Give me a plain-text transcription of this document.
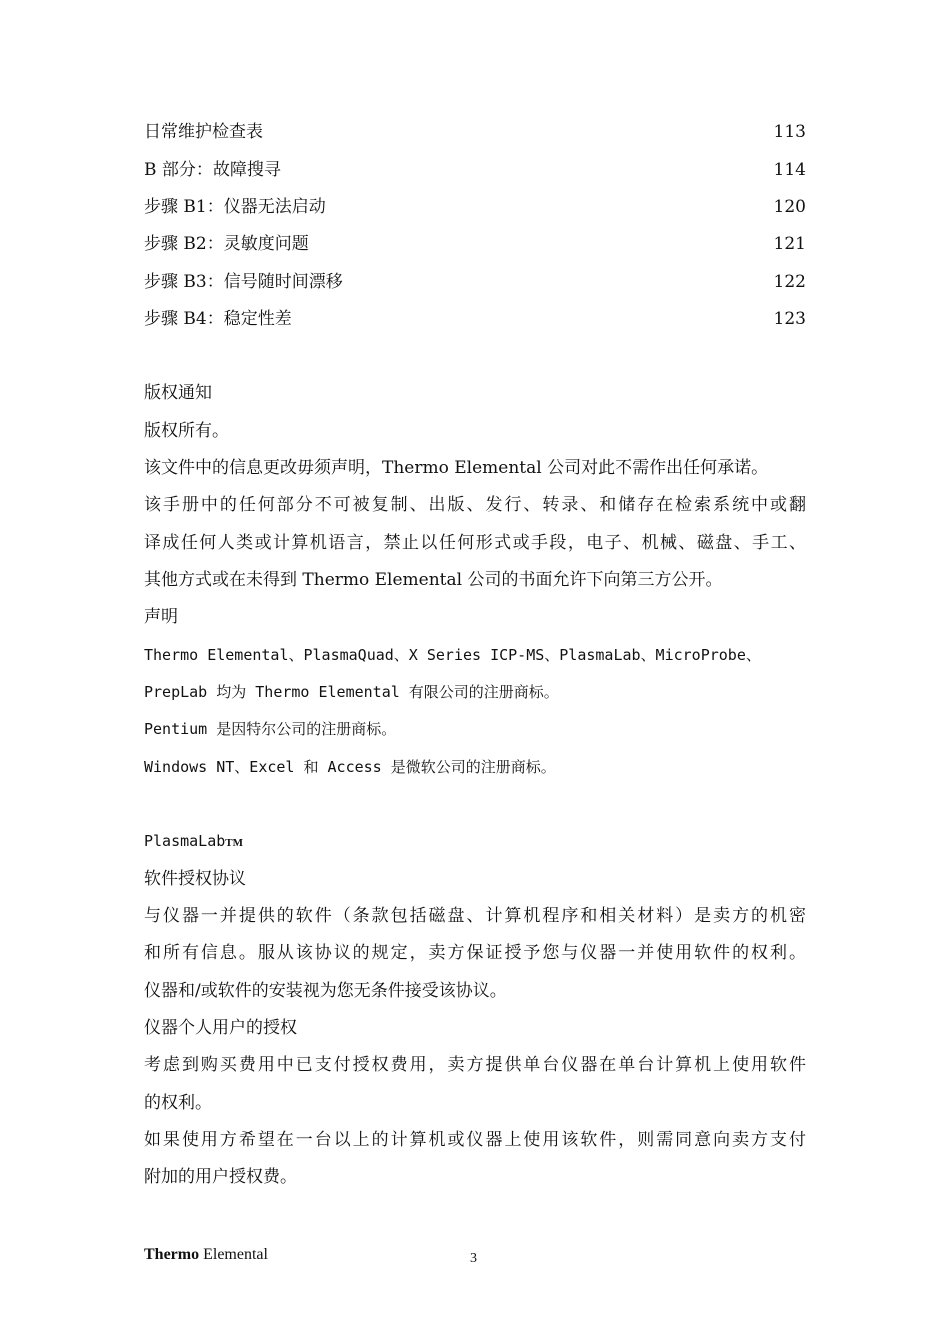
日常维护检查表	113
B 部分：故障搜寻	114
步骤 B1：仪器无法启动	120
步骤 B2：灵敏度问题	121
步骤 B3：信号随时间漂移	122
步骤 B4：稳定性差	123
版权通知
版权所有。
该文件中的信息更改毋须声明，Thermo Elemental 公司对此不需作出任何承诺。
该手册中的任何部分不可被复制、出版、发行、转录、和储存在检索系统中或翻
译成任何人类或计算机语言，禁止以任何形式或手段，电子、机械、磁盘、手工、
其他方式或在未得到 Thermo Elemental 公司的书面允许下向第三方公开。
声明
Thermo Elemental、PlasmaQuad、X Series ICP-MS、PlasmaLab、MicroProbe、
PrepLab 均为 Thermo Elemental 有限公司的注册商标。
Pentium 是因特尔公司的注册商标。
Windows NT、Excel 和 Access 是微软公司的注册商标。
PlasmaLabTM
软件授权协议
与仪器一并提供的软件（条款包括磁盘、计算机程序和相关材料）是卖方的机密
和所有信息。服从该协议的规定，卖方保证授予您与仪器一并使用软件的权利。
仪器和/或软件的安装视为您无条件接受该协议。
仪器个人用户的授权
考虑到购买费用中已支付授权费用，卖方提供单台仪器在单台计算机上使用软件
的权利。
如果使用方希望在一台以上的计算机或仪器上使用该软件，则需同意向卖方支付
附加的用户授权费。
Thermo Elemental	3
